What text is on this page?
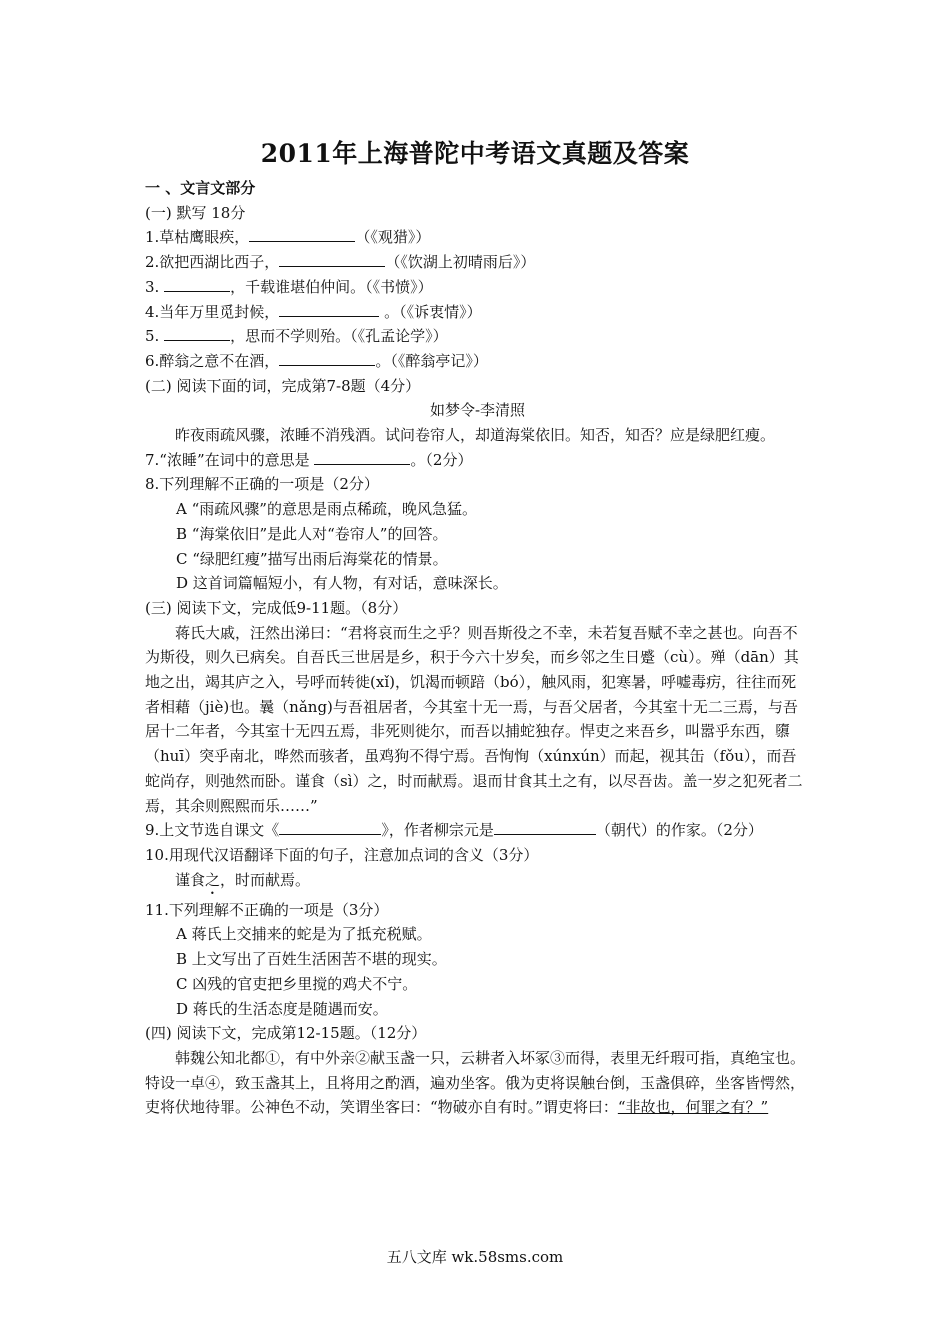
2011年上海普陀中考语文真题及答案

一 、文言文部分

(一) 默写 18分

1.草枯鹰眼疾，	（《观猎》）

2.欲把西湖比西子，	（《饮湖上初晴雨后》）

3.	，千载谁堪伯仲间。（《书愤》）

4.当年万里觅封候，	。（《诉衷情》）

5.	，思而不学则殆。（《孔孟论学》）

6.醉翁之意不在酒，	。（《醉翁亭记》）

(二) 阅读下面的词，完成第7-8题（4分）

如梦令-李清照

昨夜雨疏风骤，浓睡不消残酒。试问卷帘人，却道海棠依旧。知否，知否？应是绿肥红瘦。

7.“浓睡”在词中的意思是	。（2分）

8.下列理解不正确的一项是（2分）

A “雨疏风骤”的意思是雨点稀疏，晚风急猛。

B “海棠依旧”是此人对“卷帘人”的回答。

C “绿肥红瘦”描写出雨后海棠花的情景。

D 这首词篇幅短小，有人物，有对话，意味深长。

(三) 阅读下文，完成低9-11题。（8分）

蒋氏大戚，汪然出涕曰：“君将哀而生之乎？则吾斯役之不幸，未若复吾赋不幸之甚也。向吾不为斯役，则久已病矣。自吾氏三世居是乡，积于今六十岁矣，而乡邻之生日蹙（cù）。殚（dān）其地之出，竭其庐之入，号呼而转徙(xǐ)，饥渴而顿踣（bó），触风雨，犯寒暑，呼嘘毒疠，往往而死者相藉（jiè)也。曩（nǎng)与吾祖居者，今其室十无一焉，与吾父居者，今其室十无二三焉，与吾居十二年者，今其室十无四五焉，非死则徙尔，而吾以捕蛇独存。悍吏之来吾乡，叫嚣乎东西，隳（huī）突乎南北，哗然而骇者，虽鸡狗不得宁焉。吾恂恂（xúnxún）而起，视其缶（fǒu），而吾蛇尚存，则弛然而卧。谨食（sì）之，时而献焉。退而甘食其土之有，以尽吾齿。盖一岁之犯死者二焉，其余则熙熙而乐……”

9.上文节选自课文《	》，作者柳宗元是	（朝代）的作家。（2分）

10.用现代汉语翻译下面的句子，注意加点词的含义（3分）

谨食之，时而献焉。

11.下列理解不正确的一项是（3分）

A 蒋氏上交捕来的蛇是为了抵充税赋。

B 上文写出了百姓生活困苦不堪的现实。

C 凶残的官吏把乡里搅的鸡犬不宁。

D 蒋氏的生活态度是随遇而安。

(四) 阅读下文，完成第12-15题。（12分）

韩魏公知北都①，有中外亲②献玉盏一只，云耕者入坏冢③而得，表里无纤瑕可指，真绝宝也。特设一卓④，致玉盏其上，且将用之酌酒，遍劝坐客。俄为吏将误触台倒，玉盏俱碎，坐客皆愕然，吏将伏地待罪。公神色不动，笑谓坐客曰：“物破亦自有时。”谓吏将曰：“非故也，何罪之有？”

五八文库 wk.58sms.com
